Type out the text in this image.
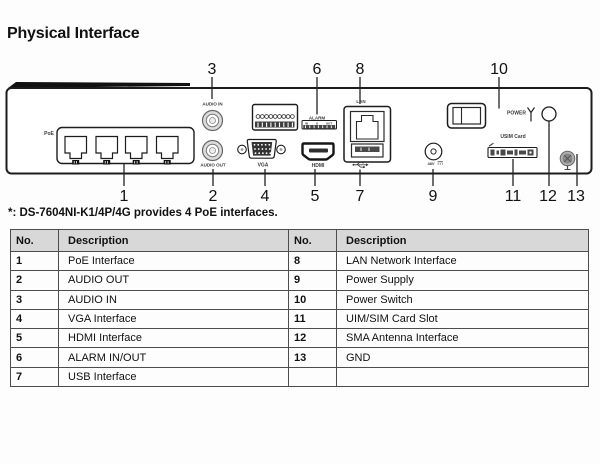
Physical Interface
PoE
AUDIO IN
AUDIO OUT
ALARM
IN	G	OUT
VGA	HDMI
LAN
48V
POWER
USIM Card
3	6 8	10
1	2	4	5 7	9	11 12 13
*: DS-7604NI-K1/4P/4G provides 4 PoE interfaces.
No.	Description	No.	Description
1	PoE Interface	8	LAN Network Interface
2	AUDIO OUT	9	Power Supply
3	AUDIO IN	10	Power Switch
4	VGA Interface	11	UIM/SIM Card Slot
5	HDMI Interface	12	SMA Antenna Interface
6	ALARM IN/OUT	13	GND
7	USB Interface		
